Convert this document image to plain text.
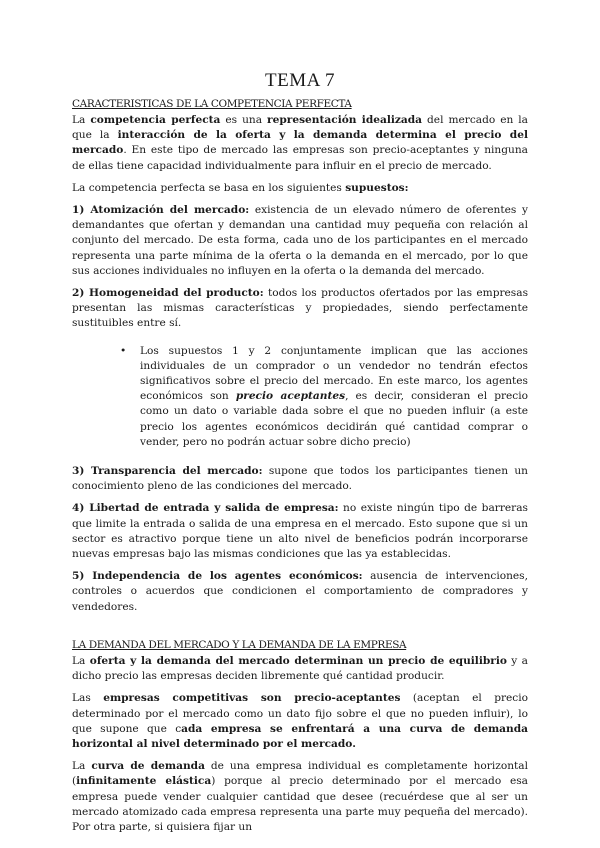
TEMA 7
CARACTERISTICAS DE LA COMPETENCIA PERFECTA

La competencia perfecta es una representación idealizada del mercado en la que la interacción de la oferta y la demanda determina el precio del mercado. En este tipo de mercado las empresas son precio-aceptantes y ninguna de ellas tiene capacidad individualmente para influir en el precio de mercado.

La competencia perfecta se basa en los siguientes supuestos:

1) Atomización del mercado: existencia de un elevado número de oferentes y demandantes que ofertan y demandan una cantidad muy pequeña con relación al conjunto del mercado. De esta forma, cada uno de los participantes en el mercado representa una parte mínima de la oferta o la demanda en el mercado, por lo que sus acciones individuales no influyen en la oferta o la demanda del mercado.

2) Homogeneidad del producto: todos los productos ofertados por las empresas presentan las mismas características y propiedades, siendo perfectamente sustituibles entre sí.

• Los supuestos 1 y 2 conjuntamente implican que las acciones individuales de un comprador o un vendedor no tendrán efectos significativos sobre el precio del mercado. En este marco, los agentes económicos son precio aceptantes, es decir, consideran el precio como un dato o variable dada sobre el que no pueden influir (a este precio los agentes económicos decidirán qué cantidad comprar o vender, pero no podrán actuar sobre dicho precio)

3) Transparencia del mercado: supone que todos los participantes tienen un conocimiento pleno de las condiciones del mercado.

4) Libertad de entrada y salida de empresa: no existe ningún tipo de barreras que limite la entrada o salida de una empresa en el mercado. Esto supone que si un sector es atractivo porque tiene un alto nivel de beneficios podrán incorporarse nuevas empresas bajo las mismas condiciones que las ya establecidas.

5) Independencia de los agentes económicos: ausencia de intervenciones, controles o acuerdos que condicionen el comportamiento de compradores y vendedores.

LA DEMANDA DEL MERCADO Y LA DEMANDA DE LA EMPRESA

La oferta y la demanda del mercado determinan un precio de equilibrio y a dicho precio las empresas deciden libremente qué cantidad producir.

Las empresas competitivas son precio-aceptantes (aceptan el precio determinado por el mercado como un dato fijo sobre el que no pueden influir), lo que supone que cada empresa se enfrentará a una curva de demanda horizontal al nivel determinado por el mercado.

La curva de demanda de una empresa individual es completamente horizontal (infinitamente elástica) porque al precio determinado por el mercado esa empresa puede vender cualquier cantidad que desee (recuérdese que al ser un mercado atomizado cada empresa representa una parte muy pequeña del mercado). Por otra parte, si quisiera fijar un
